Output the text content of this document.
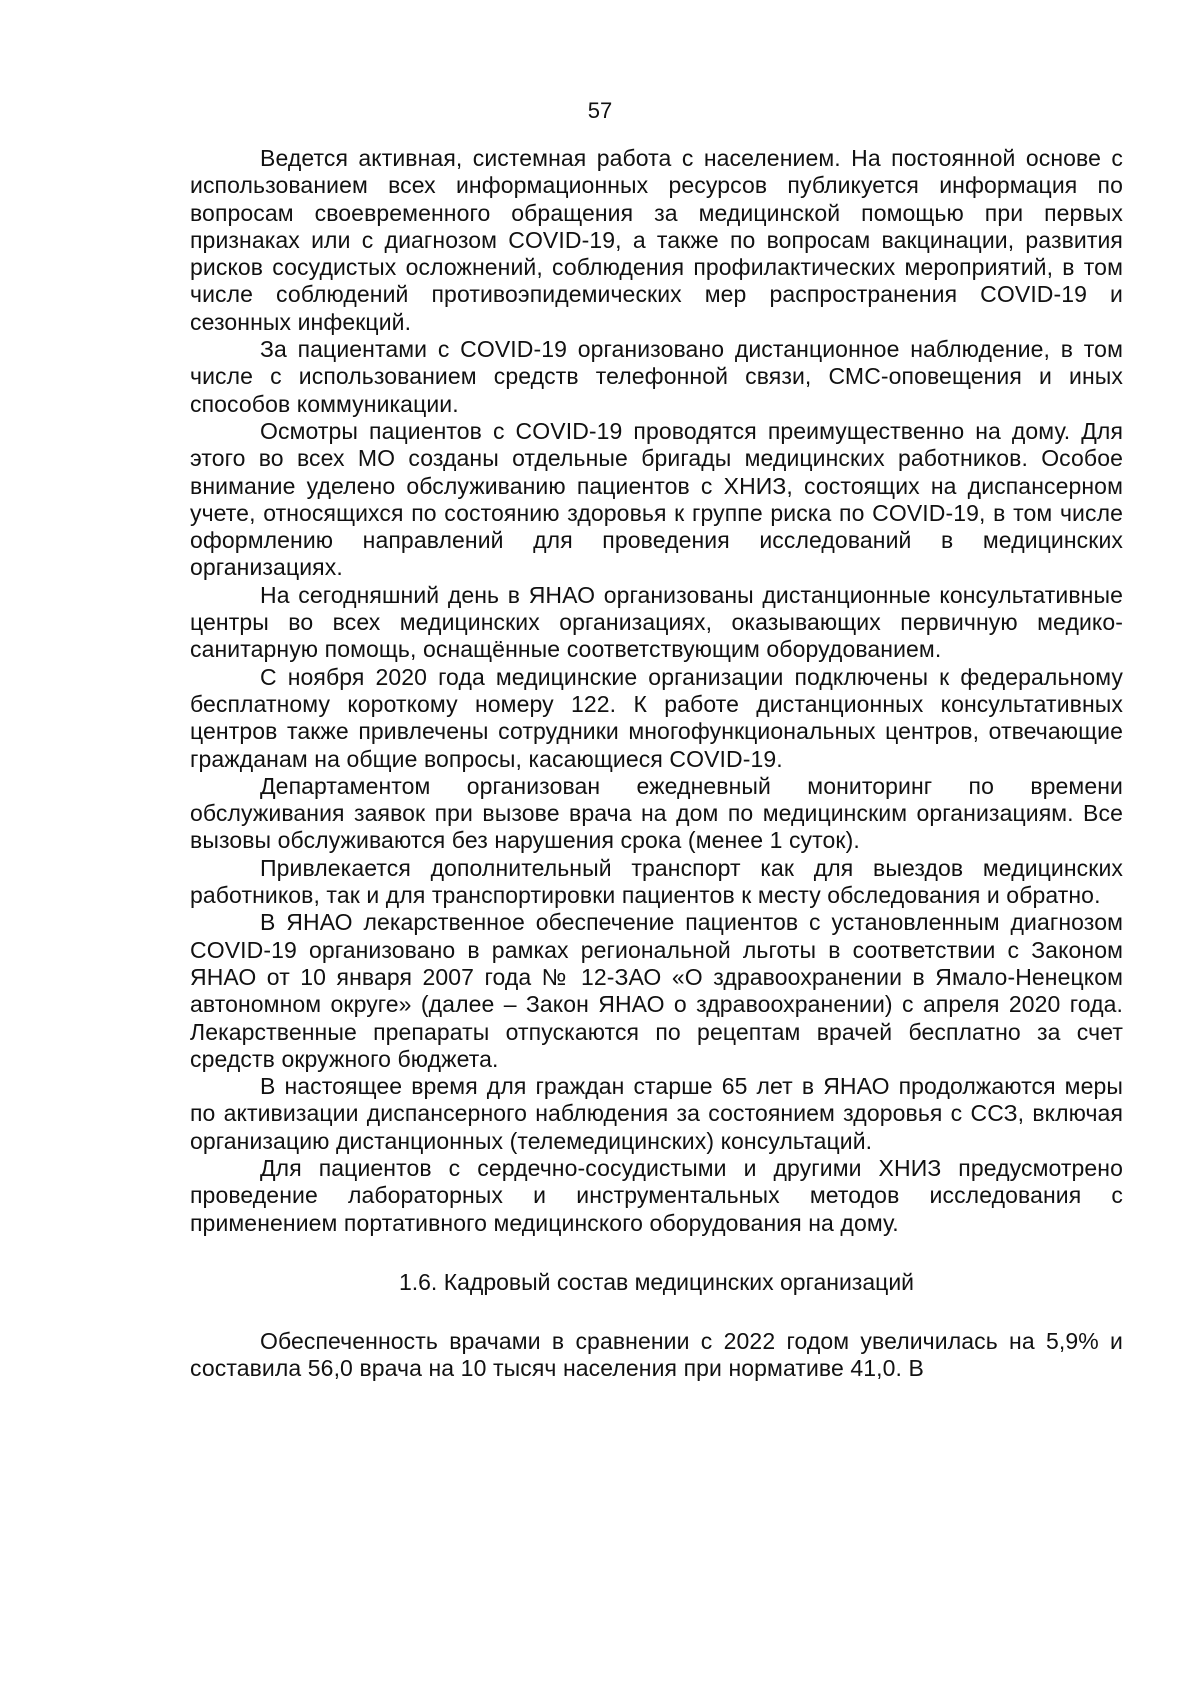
57

Ведется активная, системная работа с населением. На постоянной основе с использованием всех информационных ресурсов публикуется информация по вопросам своевременного обращения за медицинской помощью при первых признаках или с диагнозом COVID-19, а также по вопросам вакцинации, развития рисков сосудистых осложнений, соблюдения профилактических мероприятий, в том числе соблюдений противоэпидемических мер распространения COVID-19 и сезонных инфекций.

За пациентами с COVID-19 организовано дистанционное наблюдение, в том числе с использованием средств телефонной связи, СМС-оповещения и иных способов коммуникации.

Осмотры пациентов с COVID-19 проводятся преимущественно на дому. Для этого во всех МО созданы отдельные бригады медицинских работников. Особое внимание уделено обслуживанию пациентов с ХНИЗ, состоящих на диспансерном учете, относящихся по состоянию здоровья к группе риска по COVID-19, в том числе оформлению направлений для проведения исследований в медицинских организациях.

На сегодняшний день в ЯНАО организованы дистанционные консультативные центры во всех медицинских организациях, оказывающих первичную медико-санитарную помощь, оснащённые соответствующим оборудованием.

С ноября 2020 года медицинские организации подключены к федеральному бесплатному короткому номеру 122. К работе дистанционных консультативных центров также привлечены сотрудники многофункциональных центров, отвечающие гражданам на общие вопросы, касающиеся COVID-19.

Департаментом организован ежедневный мониторинг по времени обслуживания заявок при вызове врача на дом по медицинским организациям. Все вызовы обслуживаются без нарушения срока (менее 1 суток).

Привлекается дополнительный транспорт как для выездов медицинских работников, так и для транспортировки пациентов к месту обследования и обратно.

В ЯНАО лекарственное обеспечение пациентов с установленным диагнозом COVID-19 организовано в рамках региональной льготы в соответствии с Законом ЯНАО от 10 января 2007 года № 12-ЗАО «О здравоохранении в Ямало-Ненецком автономном округе» (далее – Закон ЯНАО о здравоохранении) с апреля 2020 года. Лекарственные препараты отпускаются по рецептам врачей бесплатно за счет средств окружного бюджета.

В настоящее время для граждан старше 65 лет в ЯНАО продолжаются меры по активизации диспансерного наблюдения за состоянием здоровья с ССЗ, включая организацию дистанционных (телемедицинских) консультаций.

Для пациентов с сердечно-сосудистыми и другими ХНИЗ предусмотрено проведение лабораторных и инструментальных методов исследования с применением портативного медицинского оборудования на дому.

1.6. Кадровый состав медицинских организаций

Обеспеченность врачами в сравнении с 2022 годом увеличилась на 5,9% и составила 56,0 врача на 10 тысяч населения при нормативе 41,0. В
